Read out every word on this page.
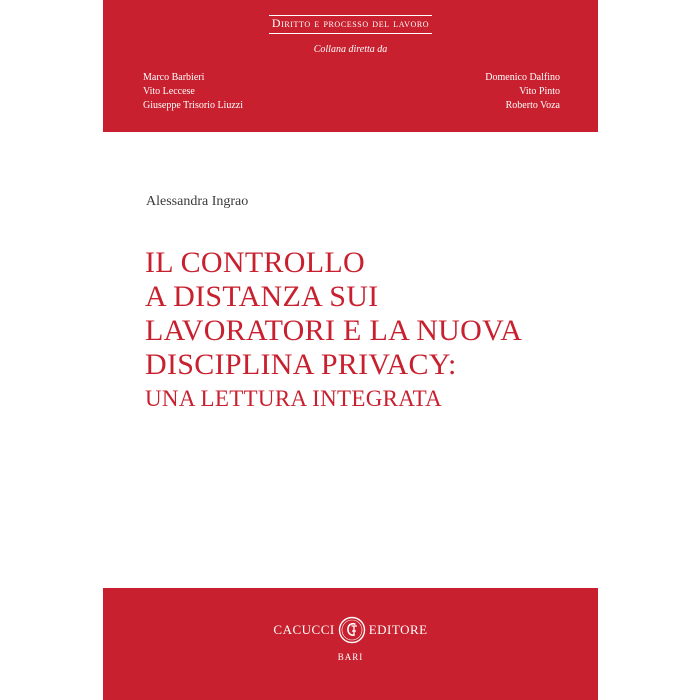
Diritto e processo del lavoro
Collana diretta da
Marco Barbieri
Vito Leccese
Giuseppe Trisorio Liuzzi
Domenico Dalfino
Vito Pinto
Roberto Voza
Alessandra Ingrao
IL CONTROLLO
A DISTANZA SUI
LAVORATORI E LA NUOVA
DISCIPLINA PRIVACY:
UNA LETTURA INTEGRATA
CACUCCI	EDITORE
BARI
